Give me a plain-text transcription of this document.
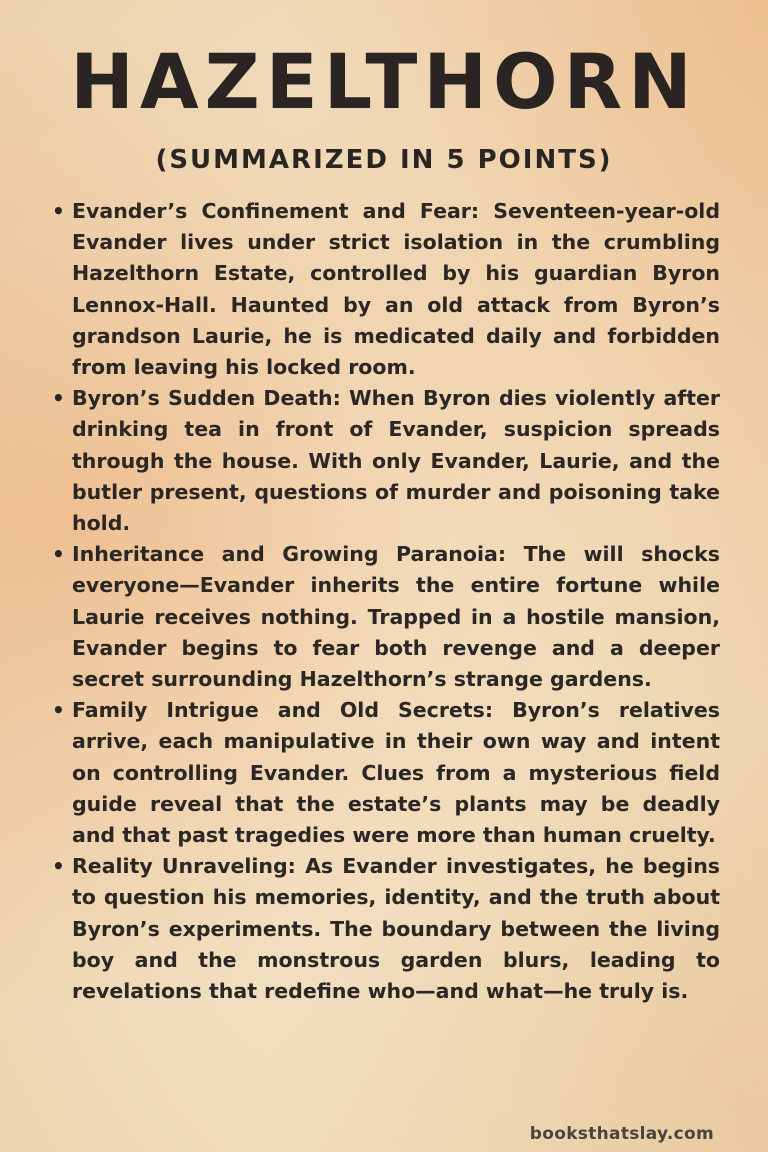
HAZELTHORN
(SUMMARIZED IN 5 POINTS)
• Evander’s Confinement and Fear: Seventeen-year-old Evander lives under strict isolation in the crumbling Hazelthorn Estate, controlled by his guardian Byron Lennox-Hall. Haunted by an old attack from Byron’s grandson Laurie, he is medicated daily and forbidden from leaving his locked room.
• Byron’s Sudden Death: When Byron dies violently after drinking tea in front of Evander, suspicion spreads through the house. With only Evander, Laurie, and the butler present, questions of murder and poisoning take hold.
• Inheritance and Growing Paranoia: The will shocks everyone—Evander inherits the entire fortune while Laurie receives nothing. Trapped in a hostile mansion, Evander begins to fear both revenge and a deeper secret surrounding Hazelthorn’s strange gardens.
• Family Intrigue and Old Secrets: Byron’s relatives arrive, each manipulative in their own way and intent on controlling Evander. Clues from a mysterious field guide reveal that the estate’s plants may be deadly and that past tragedies were more than human cruelty.
• Reality Unraveling: As Evander investigates, he begins to question his memories, identity, and the truth about Byron’s experiments. The boundary between the living boy and the monstrous garden blurs, leading to revelations that redefine who—and what—he truly is.
booksthatslay.com
